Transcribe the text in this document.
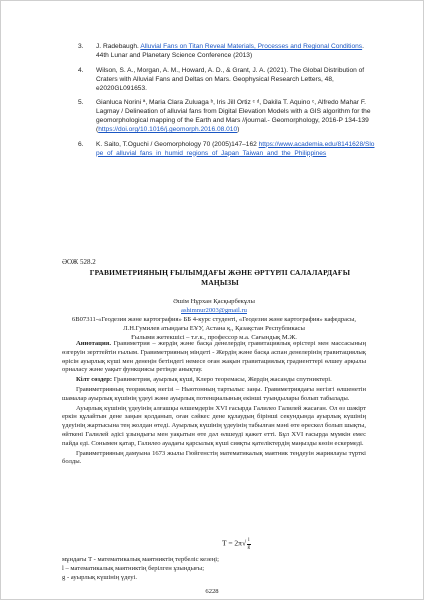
3. J. Radebaugh. Alluvial Fans on Titan Reveal Materials, Processes and Regional Conditions. 44th Lunar and Planetary Science Conference (2013)
4. Wilson, S. A., Morgan, A. M., Howard, A. D., & Grant, J. A. (2021). The Global Distribution of Craters with Alluvial Fans and Deltas on Mars. Geophysical Research Letters, 48, e2020GL091653.
5. Gianluca Norini ª, Maria Clara Zuluaga ᵇ, Iris Jill Ortiz ᶜ ᵈ, Dakila T. Aquino ᶜ, Alfredo Mahar F. Lagmay / Delineation of alluvial fans from Digital Elevation Models with a GIS algorithm for the geomorphological mapping of the Earth and Mars //journal.- Geomorphology, 2016-P 134-139 (https://doi.org/10.1016/j.geomorph.2016.08.010)
6. K. Saito, T.Oguchi / Geomorphology 70 (2005)147–162 https://www.academia.edu/8141628/Slope_of_alluvial_fans_in_humid_regions_of_Japan_Taiwan_and_the_Philippines
ӘОЖ 528.2
ГРАВИМЕТРИЯНЫҢ ҒЫЛЫМДАҒЫ ЖӘНЕ ӘРТҮРЛІ САЛАЛАРДАҒЫ МАҢЫЗЫ
Әшім Нұрхан Қасқырбекұлы
ashimnur2003@gmail.ru
6В07311-«Геодезия және картография» ББ 4-курс студенті, «Геодезия және картография» кафедрасы, Л.Н.Гумилев атындағы ЕҰУ, Астана қ., Қазақстан Республикасы
Ғылыми жетекшісі – т.ғ.к., профессор м.а. Сағындық М.Ж.

Аннотация. Гравиметрия – жердің және басқа денелердің гравитациялық өрістері мен массасының өзгеруін зерттейтін ғылым. Гравиметрияның міндеті - Жердің және басқа аспан денелерінің гравитациялық өрісін ауырлық күші мен денеңін бетіндегі немесе оған жақын гравитациялық градиенттері өлшеу арқылы орналасу және уақыт функциясы ретінде анықтау.

Кілт сөздер: Гравиметрия, ауырлық күші, Клеро теоремасы, Жердің жасанды спутниктері.

Гравиметрияның теориялық негізі – Ньютонның тартылыс заңы. Гравиметриядағы негізгі өлшенетін шамалар ауырлық күшінің үдеуі және ауырлық потенциалының екінші туындылары болып табылады.

Ауырлық күшінің үдеуінің алғашқы өлшемдерін XVI ғасырда Галилео Галилей жасаған. Ол өз шәкірт еркін құлайтын дене заңын қолданып, оған сәйкес дене құлаудың бірінші секундында ауырлық күшінің үдеуінің жартысына тең жолдан өтеді. Ауырлық күшінің үдеуінің табылған мәні өте өрескел болып шықты, өйткені Галилей әдісі ұзындығы мен уақытын өте дәл өлшеуді қажет етті. Бұл XVI ғасырда мүмкін емес пайда еді. Сонымен қатар, Галилео ауадағы қарсылық күші сияқты қателіктердің маңызды көзін ескермеді.

Гравиметрияның дамуына 1673 жылы Гюйгенстің математикалық маятник теңдеуін жариялауы түрткі болды.

$T = 2\pi√ \frac{l}{g}$
мұндағы T - математикалық маятниктің тербеліс кезеңі;
l – математикалық маятниктің берілген ұзындығы;
g - ауырлық күшінің үдеуі.
6228
